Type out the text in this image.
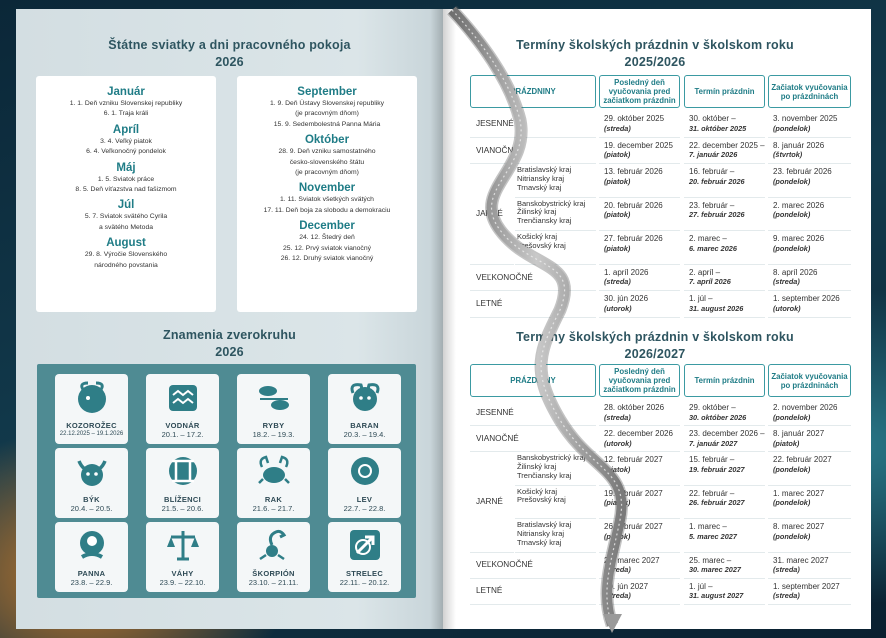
Štátne sviatky a dni pracovného pokoja
2026
Január
1. 1. Deň vzniku Slovenskej republiky
6. 1. Traja králi
Apríl
3. 4. Veľký piatok
6. 4. Veľkonočný pondelok
Máj
1. 5. Sviatok práce
8. 5. Deň víťazstva nad fašizmom
Júl
5. 7. Sviatok svätého Cyrila
a svätého Metoda
August
29. 8. Výročie Slovenského
národného povstania
September
1. 9. Deň Ústavy Slovenskej republiky
(je pracovným dňom)
15. 9. Sedembolestná Panna Mária
Október
28. 9. Deň vzniku samostatného
česko-slovenského štátu
(je pracovným dňom)
November
1. 11. Sviatok všetkých svätých
17. 11. Deň boja za slobodu a demokraciu
December
24. 12. Štedrý deň
25. 12. Prvý sviatok vianočný
26. 12. Druhý sviatok vianočný
Znamenia zverokruhu
2026
KOZOROŽEC
22.12.2025 – 19.1.2026
VODNÁR
20.1. – 17.2.
RYBY
18.2. – 19.3.
BARAN
20.3. – 19.4.
BÝK
20.4. – 20.5.
BLÍŽENCI
21.5. – 20.6.
RAK
21.6. – 21.7.
LEV
22.7. – 22.8.
PANNA
23.8. – 22.9.
VÁHY
23.9. – 22.10.
ŠKORPIÓN
23.10. – 21.11.
STRELEC
22.11. – 20.12.
Termíny školských prázdnin v školskom roku
2025/2026
PRÁZDNINY
Posledný deň vyučovania pred začiatkom prázdnin
Termín prázdnin	Začiatok vyučovania po prázdninách
JESENNÉ
29. október 2025
(streda)
30. október –
31. október 2025
3. november 2025
(pondelok)
VIANOČNÉ
19. december 2025
(piatok)
22. december 2025 –
7. január 2026
8. január 2026
(štvrtok)
JARNÉ
Bratislavský kraj
Nitriansky kraj
Trnavský kraj
13. február 2026
(piatok)
16. február –
20. február 2026
23. február 2026
(pondelok)
Banskobystrický kraj
Žilinský kraj
Trenčiansky kraj
20. február 2026
(piatok)
23. február –
27. február 2026
2. marec 2026
(pondelok)
Košický kraj
Prešovský kraj
27. február 2026
(piatok)
2. marec –
6. marec 2026
9. marec 2026
(pondelok)
VEĽKONOČNÉ
1. apríl 2026
(streda)
2. apríl –
7. apríl 2026
8. apríl 2026
(streda)
LETNÉ
30. jún 2026
(utorok)
1. júl –
31. august 2026
1. september 2026
(utorok)
Termíny školských prázdnin v školskom roku
2026/2027
PRÁZDNINY
Posledný deň vyučovania pred začiatkom prázdnin
Termín prázdnin	Začiatok vyučovania po prázdninách
JESENNÉ
28. október 2026
(streda)
29. október –
30. október 2026
2. november 2026
(pondelok)
VIANOČNÉ
22. december 2026
(utorok)
23. december 2026 –
7. január 2027
8. január 2027
(piatok)
JARNÉ
Banskobystrický kraj
Žilinský kraj
Trenčiansky kraj
12. február 2027
(piatok)
15. február –
19. február 2027
22. február 2027
(pondelok)
Košický kraj
Prešovský kraj
19. február 2027
(piatok)
22. február –
26. február 2027
1. marec 2027
(pondelok)
Bratislavský kraj
Nitriansky kraj
Trnavský kraj
26. február 2027
(piatok)
1. marec –
5. marec 2027
8. marec 2027
(pondelok)
VEĽKONOČNÉ
24. marec 2027
(streda)
25. marec –
30. marec 2027
31. marec 2027
(streda)
LETNÉ
30. jún 2027
(streda)
1. júl –
31. august 2027
1. september 2027
(streda)
